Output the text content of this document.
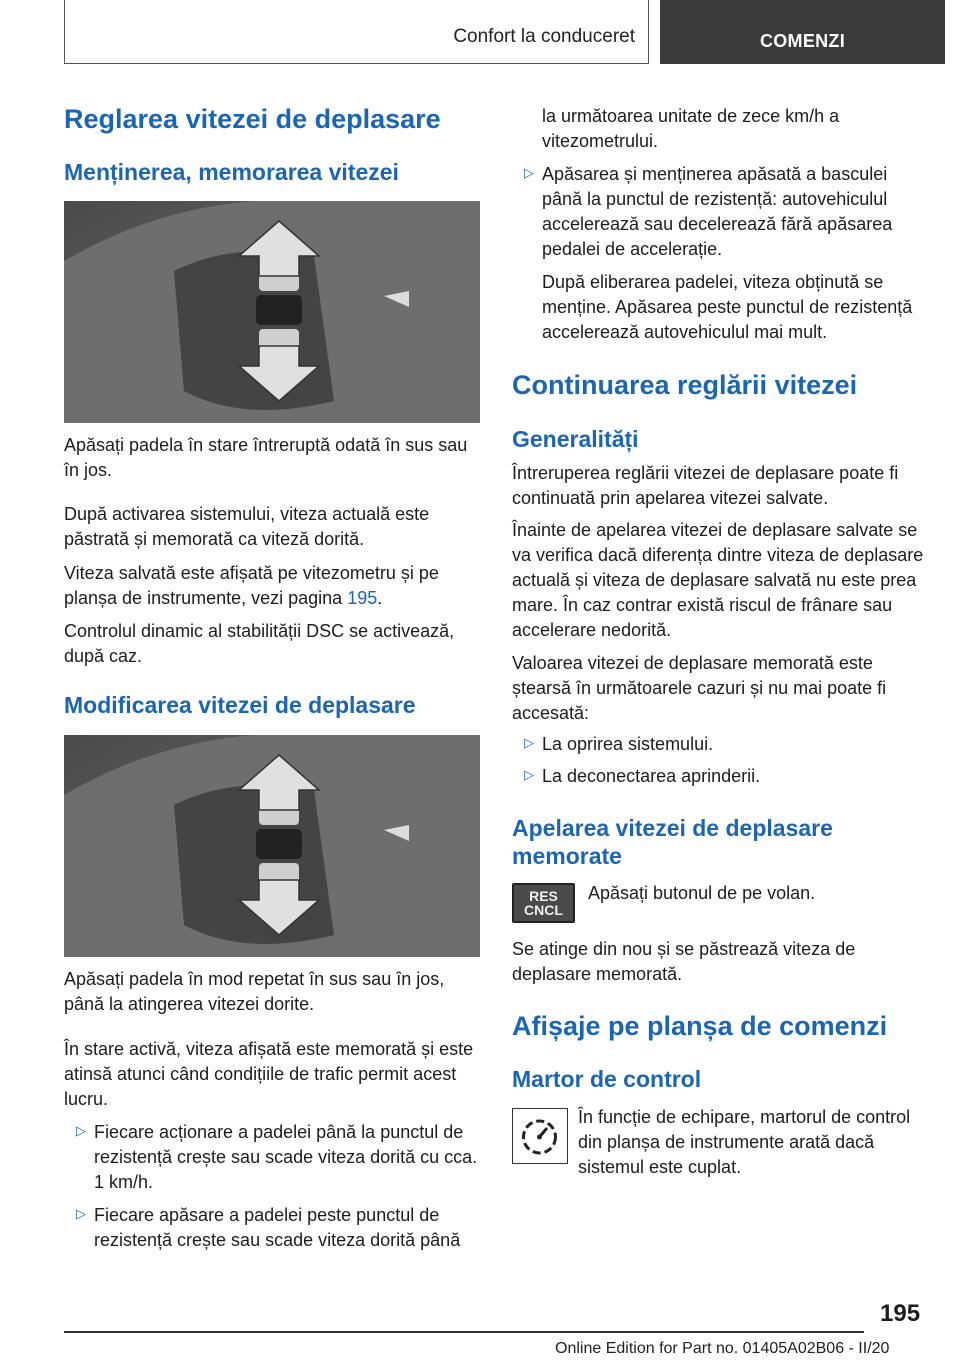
Confort la conduceret	COMENZI
Reglarea vitezei de deplasare
Menținerea, memorarea vitezei

Apăsați padela în stare întreruptă odată în sus sau în jos.

După activarea sistemului, viteza actuală este păstrată și memorată ca viteză dorită.

Viteza salvată este afișată pe vitezometru și pe planșa de instrumente, vezi pagina 195.

Controlul dinamic al stabilității DSC se activează, după caz.

Modificarea vitezei de deplasare

Apăsați padela în mod repetat în sus sau în jos, până la atingerea vitezei dorite.

În stare activă, viteza afișată este memorată și este atinsă atunci când condițiile de trafic permit acest lucru.

▷ Fiecare acționare a padelei până la punctul de rezistență crește sau scade viteza dorită cu cca. 1 km/h.

▷ Fiecare apăsare a padelei peste punctul de rezistență crește sau scade viteza dorită până

la următoarea unitate de zece km/h a vitezometrului.

▷ Apăsarea și menținerea apăsată a basculei până la punctul de rezistență: autovehiculul accelerează sau decelerează fără apăsarea pedalei de accelerație.

După eliberarea padelei, viteza obținută se menține. Apăsarea peste punctul de rezistență accelerează autovehiculul mai mult.

Continuarea reglării vitezei
Generalități

Întreruperea reglării vitezei de deplasare poate fi continuată prin apelarea vitezei salvate.

Înainte de apelarea vitezei de deplasare salvate se va verifica dacă diferența dintre viteza de deplasare actuală și viteza de deplasare salvată nu este prea mare. În caz contrar există riscul de frânare sau accelerare nedorită.

Valoarea vitezei de deplasare memorată este ștearsă în următoarele cazuri și nu mai poate fi accesată:

▷ La oprirea sistemului.

▷ La deconectarea aprinderii.

Apelarea vitezei de deplasare memorate
RES
CNCL

Apăsați butonul de pe volan.

Se atinge din nou și se păstrează viteza de deplasare memorată.

Afișaje pe planșa de comenzi
Martor de control

În funcție de echipare, martorul de control din planșa de instrumente arată dacă sistemul este cuplat.

195
Online Edition for Part no. 01405A02B06 - II/20
